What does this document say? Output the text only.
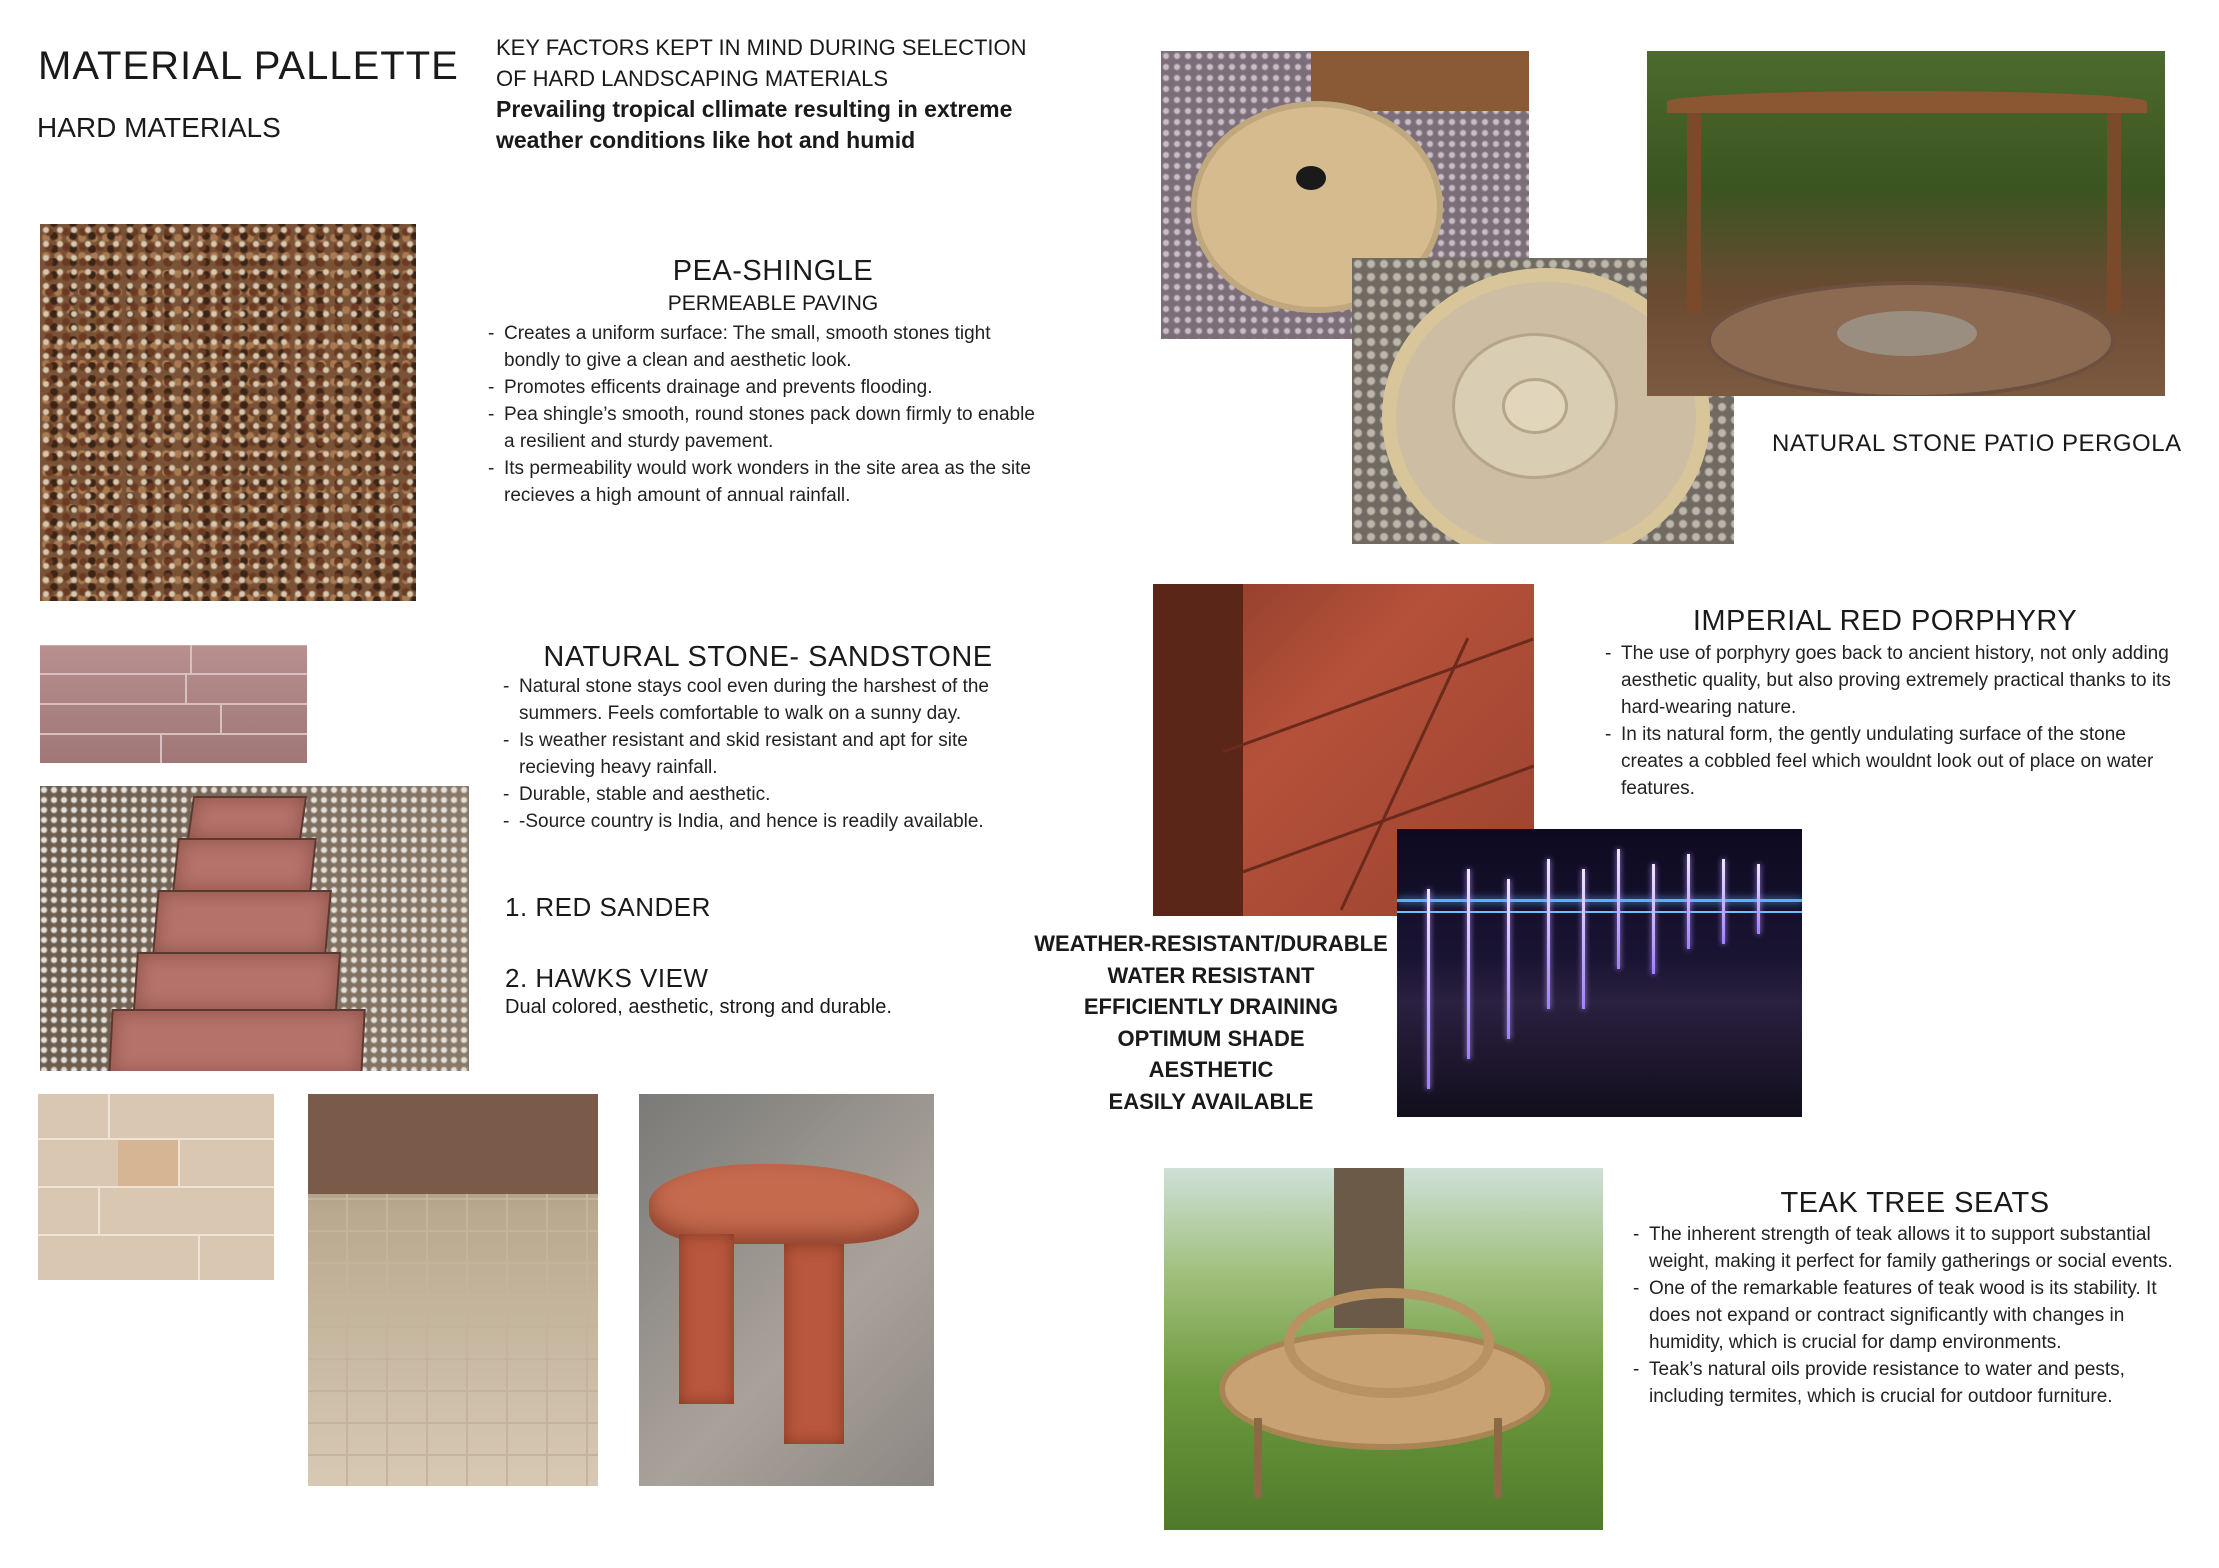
MATERIAL PALLETTE
HARD MATERIALS
KEY FACTORS KEPT IN MIND DURING SELECTION
OF HARD LANDSCAPING MATERIALS
Prevailing tropical cllimate resulting in extreme
weather conditions like hot and humid
PEA-SHINGLE
PERMEABLE PAVING
- Creates a uniform surface: The small, smooth stones tight bondly to give a clean and aesthetic look.
- Promotes efficents drainage and prevents flooding.
- Pea shingle’s smooth, round stones pack down firmly to enable a resilient and sturdy pavement.
- Its permeability would work wonders in the site area as the site recieves a high amount of annual rainfall.
NATURAL STONE- SANDSTONE
- Natural stone stays cool even during the harshest of the summers. Feels comfortable to walk on a sunny day.
- Is weather resistant and skid resistant and apt for site recieving heavy rainfall.
- Durable, stable and aesthetic.
- -Source country is India, and hence is readily available.
1. RED SANDER
2. HAWKS VIEW
Dual colored, aesthetic, strong and durable.
NATURAL STONE PATIO PERGOLA
IMPERIAL RED PORPHYRY
- The use of porphyry goes back to ancient history, not only adding aesthetic quality, but also proving extremely practical thanks to its hard-wearing nature.
- In its natural form, the gently undulating surface of the stone creates a cobbled feel which wouldnt look out of place on water features.
WEATHER-RESISTANT/DURABLE
WATER RESISTANT
EFFICIENTLY DRAINING
OPTIMUM SHADE
AESTHETIC
EASILY AVAILABLE
TEAK TREE SEATS
- The inherent strength of teak allows it to support substantial weight, making it perfect for family gatherings or social events.
- One of the remarkable features of teak wood is its stability. It does not expand or contract significantly with changes in humidity, which is crucial for damp environments.
- Teak’s natural oils provide resistance to water and pests, including termites, which is crucial for outdoor furniture.
